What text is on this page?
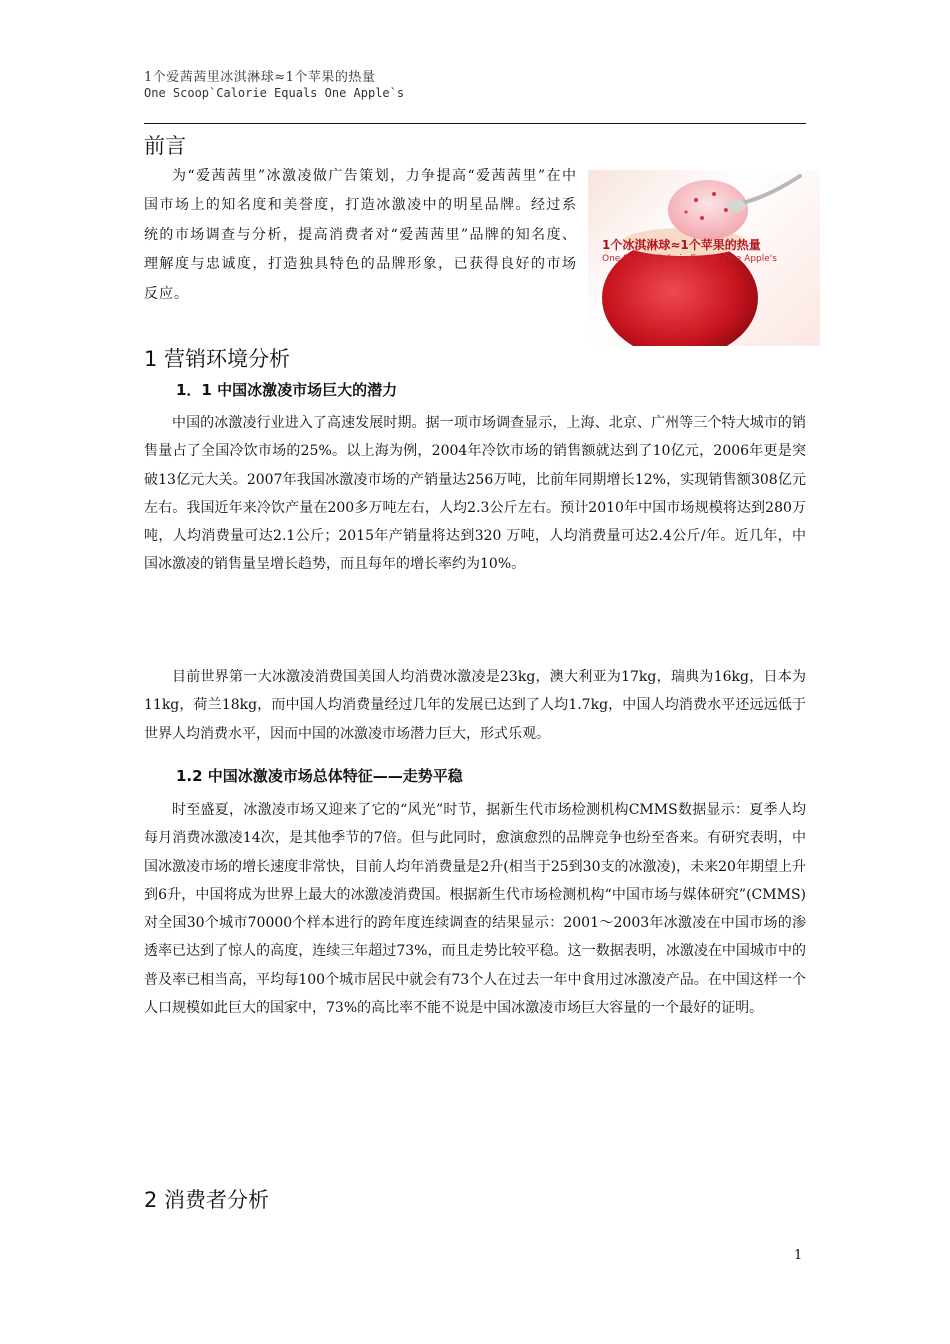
1个爱茜茜里冰淇淋球≈1个苹果的热量
One Scoop`Calorie Equals One Apple`s
前言

为“爱茜茜里”冰激凌做广告策划，力争提高“爱茜茜里”在中国市场上的知名度和美誉度，打造冰激凌中的明星品牌。经过系统的市场调查与分析，提高消费者对“爱茜茜里”品牌的知名度、理解度与忠诚度，打造独具特色的品牌形象，已获得良好的市场反应。

1个冰淇淋球≈1个苹果的热量
One Scoop' Calorie Equals One Apple's
1 营销环境分析
1．1 中国冰激凌市场巨大的潜力

中国的冰激凌行业进入了高速发展时期。据一项市场调查显示，上海、北京、广州等三个特大城市的销售量占了全国冷饮市场的25%。以上海为例，2004年冷饮市场的销售额就达到了10亿元，2006年更是突破13亿元大关。2007年我国冰激凌市场的产销量达256万吨，比前年同期增长12%，实现销售额308亿元左右。我国近年来冷饮产量在200多万吨左右，人均2.3公斤左右。预计2010年中国市场规模将达到280万吨，人均消费量可达2.1公斤；2015年产销量将达到320 万吨，人均消费量可达2.4公斤/年。近几年，中国冰激凌的销售量呈增长趋势，而且每年的增长率约为10%。

目前世界第一大冰激凌消费国美国人均消费冰激凌是23kg，澳大利亚为17kg，瑞典为16kg，日本为11kg，荷兰18kg，而中国人均消费量经过几年的发展已达到了人均1.7kg，中国人均消费水平还远远低于世界人均消费水平，因而中国的冰激凌市场潜力巨大，形式乐观。

1.2 中国冰激凌市场总体特征——走势平稳

时至盛夏，冰激凌市场又迎来了它的“风光”时节，据新生代市场检测机构CMMS数据显示：夏季人均每月消费冰激凌14次，是其他季节的7倍。但与此同时，愈演愈烈的品牌竞争也纷至沓来。有研究表明，中国冰激凌市场的增长速度非常快，目前人均年消费量是2升(相当于25到30支的冰激凌)，未来20年期望上升到6升，中国将成为世界上最大的冰激凌消费国。根据新生代市场检测机构“中国市场与媒体研究”(CMMS)对全国30个城市70000个样本进行的跨年度连续调查的结果显示：2001～2003年冰激凌在中国市场的渗透率已达到了惊人的高度，连续三年超过73%，而且走势比较平稳。这一数据表明，冰激凌在中国城市中的普及率已相当高，平均每100个城市居民中就会有73个人在过去一年中食用过冰激凌产品。在中国这样一个人口规模如此巨大的国家中，73%的高比率不能不说是中国冰激凌市场巨大容量的一个最好的证明。

2 消费者分析
1
